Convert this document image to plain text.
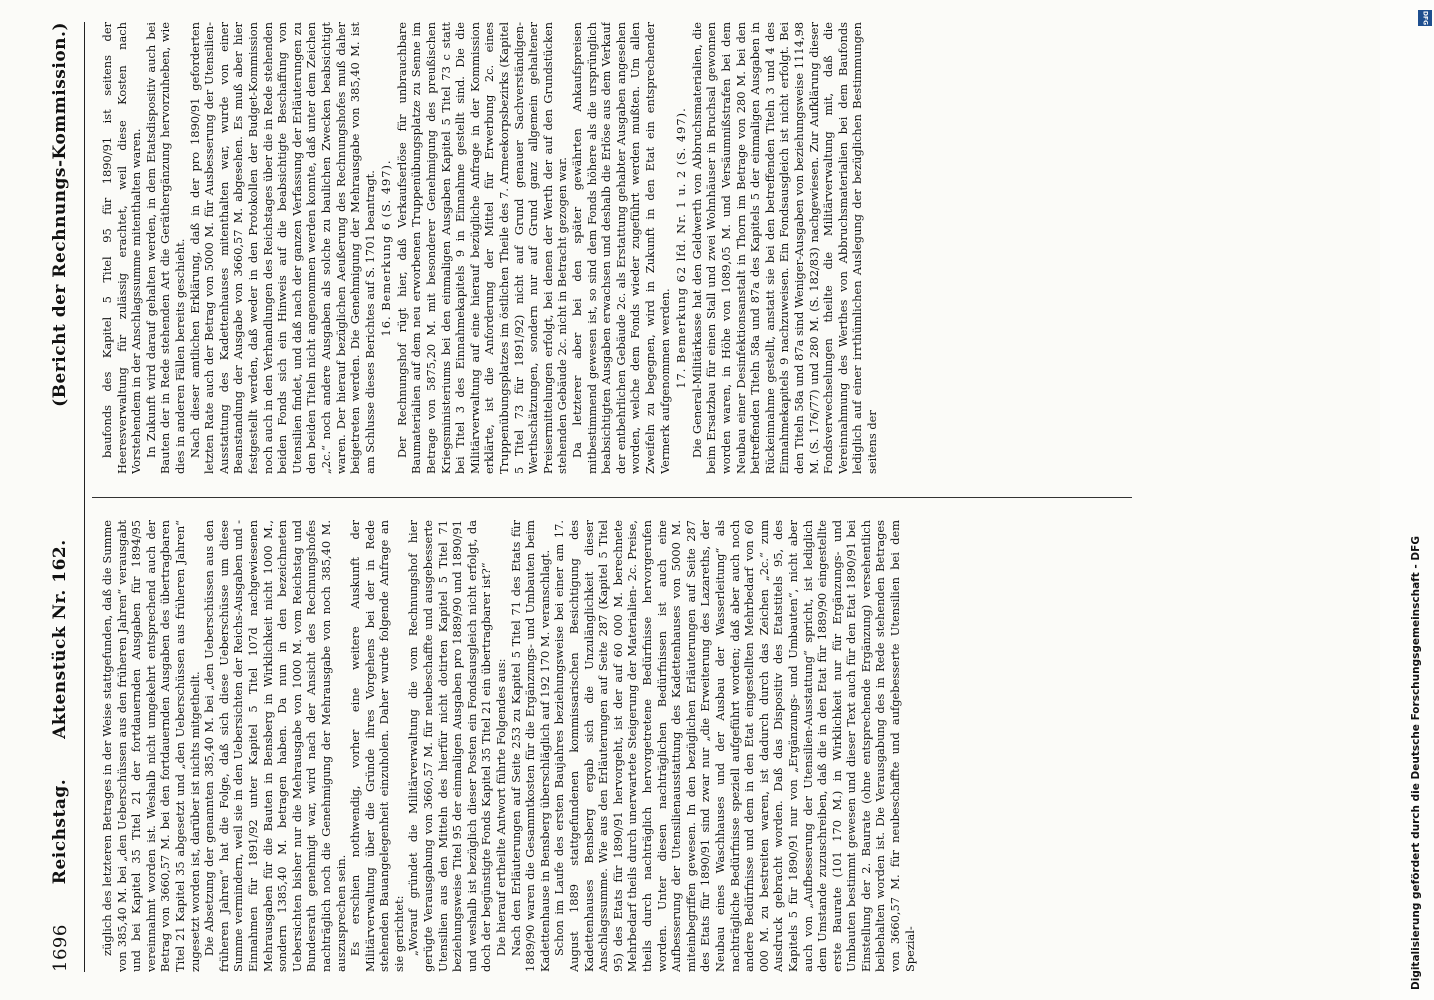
1696
Reichstag.
Aktenstück Nr. 162.
(Bericht der Rechnungs-Kommission.)

züglich des letzteren Betrages in der Weise stattgefunden, daß die Summe von 385,40 M. bei „den Ueberschüssen aus den früheren Jahren“ verausgabt und bei Kapitel 35 Titel 21 der fortdauernden Ausgaben für 1894/95 vereinnahmt worden ist. Weshalb nicht umgekehrt entsprechend auch der Betrag von 3660,57 M. bei den fortdauernden Ausgaben des übertragbaren Titel 21 Kapitel 35 abgesetzt und „den Ueberschüssen aus früheren Jahren“ zugesetzt worden ist, darüber ist nichts mitgetheilt. Die Absetzung der genannten 385,40 M. bei „den Ueberschüssen aus den früheren Jahren“ hat die Folge, daß sich diese Ueberschüsse um diese Summe vermindern, weil sie in den Uebersichten der Reichs-Ausgaben und -Einnahmen für 1891/92 unter Kapitel 5 Titel 107d nachgewiesenen Mehrausgaben für die Bauten in Bensberg in Wirklichkeit nicht 1000 M., sondern 1385,40 M. betragen haben. Da nun in den bezeichneten Uebersichten bisher nur die Mehrausgabe von 1000 M. vom Reichstag und Bundesrath genehmigt war, wird nach der Ansicht des Rechnungshofes nachträglich noch die Genehmigung der Mehrausgabe von noch 385,40 M. auszusprechen sein. Es erschien nothwendig, vorher eine weitere Auskunft der Militärverwaltung über die Gründe ihres Vorgehens bei der in Rede stehenden Bauangelegenheit einzuholen. Daher wurde folgende Anfrage an sie gerichtet: „Worauf gründet die Militärverwaltung die vom Rechnungshof hier gerügte Verausgabung von 3660,57 M. für neubeschaffte und ausgebesserte Utensilien aus den Mitteln des hierfür nicht dotirten Kapitel 5 Titel 71 beziehungsweise Titel 95 der einmaligen Ausgaben pro 1889/90 und 1890/91 und weshalb ist bezüglich dieser Posten ein Fondsausgleich nicht erfolgt, da doch der begünstigte Fonds Kapitel 35 Titel 21 ein übertragbarer ist?“ Die hierauf ertheilte Antwort führte Folgendes aus: Nach den Erläuterungen auf Seite 253 zu Kapitel 5 Titel 71 des Etats für 1889/90 waren die Gesammtkosten für die Ergänzungs- und Umbauten beim Kadettenhause in Bensberg überschläglich auf 192 170 M. veranschlagt. Schon im Laufe des ersten Baujahres beziehungsweise bei einer am 17. August 1889 stattgefundenen kommissarischen Besichtigung des Kadettenhauses Bensberg ergab sich die Unzulänglichkeit dieser Anschlagssumme. Wie aus den Erläuterungen auf Seite 287 (Kapitel 5 Titel 95) des Etats für 1890/91 hervorgeht, ist der auf 60 000 M. berechnete Mehrbedarf theils durch unerwartete Steigerung der Materialien- 2c. Preise, theils durch nachträglich hervorgetretene Bedürfnisse hervorgerufen worden. Unter diesen nachträglichen Bedürfnissen ist auch eine Aufbesserung der Utensilienausstattung des Kadettenhauses von 5000 M. miteinbegriffen gewesen. In den bezüglichen Erläuterungen auf Seite 287 des Etats für 1890/91 sind zwar nur „die Erweiterung des Lazareths, der Neubau eines Waschhauses und der Ausbau der Wasserleitung“ als nachträgliche Bedürfnisse speziell aufgeführt worden; daß aber auch noch andere Bedürfnisse und dem in den Etat eingestellten Mehrbedarf von 60 000 M. zu bestreiten waren, ist dadurch durch das Zeichen „2c.“ zum Ausdruck gebracht worden. Daß das Dispositiv des Etatstitels 95, des Kapitels 5 für 1890/91 nur von „Ergänzungs- und Umbauten“, nicht aber auch von „Aufbesserung der Utensilien-Ausstattung“ spricht, ist lediglich dem Umstande zuzuschreiben, daß die in den Etat für 1889/90 eingestellte erste Baurate (101 170 M.) in Wirklichkeit nur für Ergänzungs- und Umbauten bestimmt gewesen und dieser Text auch für den Etat 1890/91 bei Einstellung der 2. Baurate (ohne entsprechende Ergänzung) versehentlich beibehalten worden ist. Die Verausgabung des in Rede stehenden Betrages von 3660,57 M. für neubeschaffte und aufgebesserte Utensilien bei dem Spezial-

baufonds des Kapitel 5 Titel 95 für 1890/91 ist seitens der Heeresverwaltung für zulässig erachtet, weil diese Kosten nach Vorstehendem in der Anschlagssumme mitenthalten waren. In Zukunft wird darauf gehalten werden, in dem Etatsdispositiv auch bei Bauten der in Rede stehenden Art die Geräthergänzung hervorzuheben, wie dies in anderen Fällen bereits geschieht. Nach dieser amtlichen Erklärung, daß in der pro 1890/91 geforderten letzten Rate auch der Betrag von 5000 M. für Ausbesserung der Utensilien-Ausstattung des Kadettenhauses mitenthalten war, wurde von einer Beanstandung der Ausgabe von 3660,57 M. abgesehen. Es muß aber hier festgestellt werden, daß weder in den Protokollen der Budget-Kommission noch auch in den Verhandlungen des Reichstages über die in Rede stehenden beiden Fonds sich ein Hinweis auf die beabsichtigte Beschaffung von Utensilien findet, und daß nach der ganzen Verfassung der Erläuterungen zu den beiden Titeln nicht angenommen werden konnte, daß unter dem Zeichen „2c.“ noch andere Ausgaben als solche zu baulichen Zwecken beabsichtigt waren. Der hierauf bezüglichen Aeußerung des Rechnungshofes muß daher beigetreten werden. Die Genehmigung der Mehrausgabe von 385,40 M. ist am Schlusse dieses Berichtes auf S. 1701 beantragt. 16. Bemerkung 6 (S. 497). Der Rechnungshof rügt hier, daß Verkaufserlöse für unbrauchbare Baumaterialien auf dem neu erworbenen Truppenübungsplatze zu Senne im Betrage von 5875,20 M. mit besonderer Genehmigung des preußischen Kriegsministeriums bei den einmaligen Ausgaben Kapitel 5 Titel 73 c statt bei Titel 3 des Einnahmekapitels 9 in Einnahme gestellt sind. Die die Militärverwaltung auf eine hierauf bezügliche Anfrage in der Kommission erklärte, ist die Anforderung der Mittel für Erwerbung 2c. eines Truppenübungsplatzes im östlichen Theile des 7. Armeekorpsbezirks (Kapitel 5 Titel 73 für 1891/92) nicht auf Grund genauer Sachverständigen-Werthschätzungen, sondern nur auf Grund ganz allgemein gehaltener Preisermittelungen erfolgt, bei denen der Werth der auf den Grundstücken stehenden Gebäude 2c. nicht in Betracht gezogen war. Da letzterer aber bei den später gewährten Ankaufspreisen mitbestimmend gewesen ist, so sind dem Fonds höhere als die ursprünglich beabsichtigten Ausgaben erwachsen und deshalb die Erlöse aus dem Verkauf der entbehrlichen Gebäude 2c. als Erstattung gehabter Ausgaben angesehen worden, welche dem Fonds wieder zugeführt werden mußten. Um allen Zweifeln zu begegnen, wird in Zukunft in den Etat ein entsprechender Vermerk aufgenommen werden. 17. Bemerkung 62 lfd. Nr. 1 u. 2 (S. 497). Die General-Militärkasse hat den Geldwerth von Abbruchsmaterialien, die beim Ersatzbau für einen Stall und zwei Wohnhäuser in Bruchsal gewonnen worden waren, in Höhe von 1089,05 M. und Versäumnißstrafen bei dem Neubau einer Desinfektionsanstalt in Thorn im Betrage von 280 M. bei den betreffenden Titeln 58a und 87a des Kapitels 5 der einmaligen Ausgaben in Rückeinnahme gestellt, anstatt sie bei den betreffenden Titeln 3 und 4 des Einnahmekapitels 9 nachzuweisen. Ein Fondsausgleich ist nicht erfolgt. Bei den Titeln 58a und 87a sind Weniger-Ausgaben von beziehungsweise 1114,98 M. (S. 176/77) und 280 M. (S. 182/83) nachgewiesen. Zur Aufklärung dieser Fondsverwechselungen theilte die Militärverwaltung mit, daß die Vereinnahmung des Werthes von Abbruchsmaterialien bei dem Baufonds lediglich auf einer irrthümlichen Auslegung der bezüglichen Bestimmungen seitens der

Digitalisierung gefördert durch die Deutsche Forschungsgemeinschaft - DFG
DFG
